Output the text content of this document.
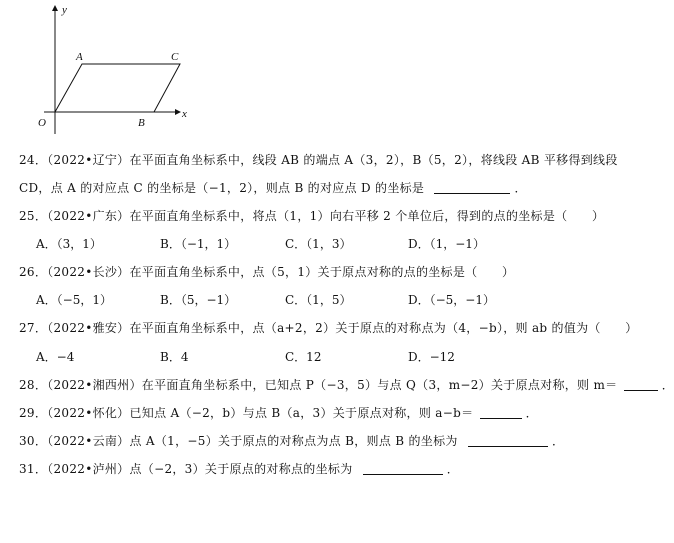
y
x
O
A	C
B
24．（2022•辽宁）在平面直角坐标系中，线段 AB 的端点 A（3，2），B（5，2），将线段 AB 平移得到线段
CD，点 A 的对应点 C 的坐标是（−1，2），则点 B 的对应点 D 的坐标是	．
25．（2022•广东）在平面直角坐标系中，将点（1，1）向右平移 2 个单位后，得到的点的坐标是（　　）
A．（3，1）	B．（−1，1）	C．（1，3）	D．（1，−1）
26．（2022•长沙）在平面直角坐标系中，点（5，1）关于原点对称的点的坐标是（　　）
A．（−5，1）	B．（5，−1）	C．（1，5）	D．（−5，−1）
27．（2022•雅安）在平面直角坐标系中，点（a+2，2）关于原点的对称点为（4，−b），则 ab 的值为（　　）
A．−4	B．4	C．12	D．−12
28．（2022•湘西州）在平面直角坐标系中，已知点 P（−3，5）与点 Q（3，m−2）关于原点对称，则 m＝	．
29．（2022•怀化）已知点 A（−2，b）与点 B（a，3）关于原点对称，则 a−b＝	．
30．（2022•云南）点 A（1，−5）关于原点的对称点为点 B，则点 B 的坐标为	．
31．（2022•泸州）点（−2，3）关于原点的对称点的坐标为	．
